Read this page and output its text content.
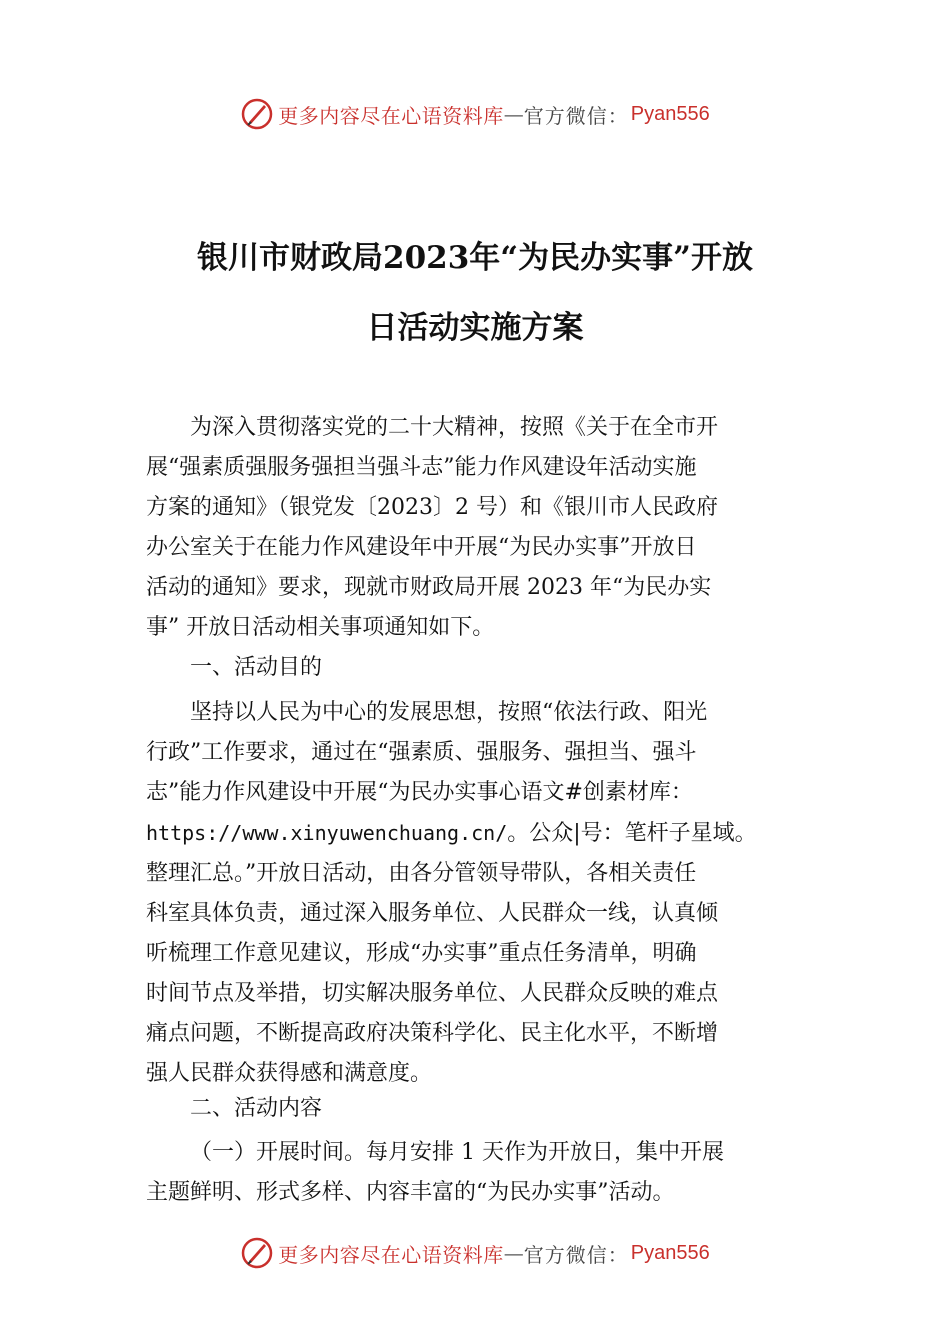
更多内容尽在心语资料库 — 官方微信： Pyan556
银川市财政局2023年“为民办实事”开放
日活动实施方案
为深入贯彻落实党的二十大精神，按照《关于在全市开
展“强素质强服务强担当强斗志”能力作风建设年活动实施
方案的通知》（银党发〔2023〕2 号）和《银川市人民政府
办公室关于在能力作风建设年中开展“为民办实事”开放日
活动的通知》要求，现就市财政局开展 2023 年“为民办实
事” 开放日活动相关事项通知如下。
一、活动目的
坚持以人民为中心的发展思想，按照“依法行政、阳光
行政”工作要求，通过在“强素质、强服务、强担当、强斗
志”能力作风建设中开展“为民办实事心语文#创素材库：
https://www.xinyuwenchuang.cn/。公众|号：笔杆子星域。
整理汇总。”开放日活动，由各分管领导带队，各相关责任
科室具体负责，通过深入服务单位、人民群众一线，认真倾
听梳理工作意见建议，形成“办实事”重点任务清单，明确
时间节点及举措，切实解决服务单位、人民群众反映的难点
痛点问题，不断提高政府决策科学化、民主化水平，不断增
强人民群众获得感和满意度。
二、活动内容
（一）开展时间。每月安排 1 天作为开放日，集中开展
主题鲜明、形式多样、内容丰富的“为民办实事”活动。
更多内容尽在心语资料库 — 官方微信： Pyan556
